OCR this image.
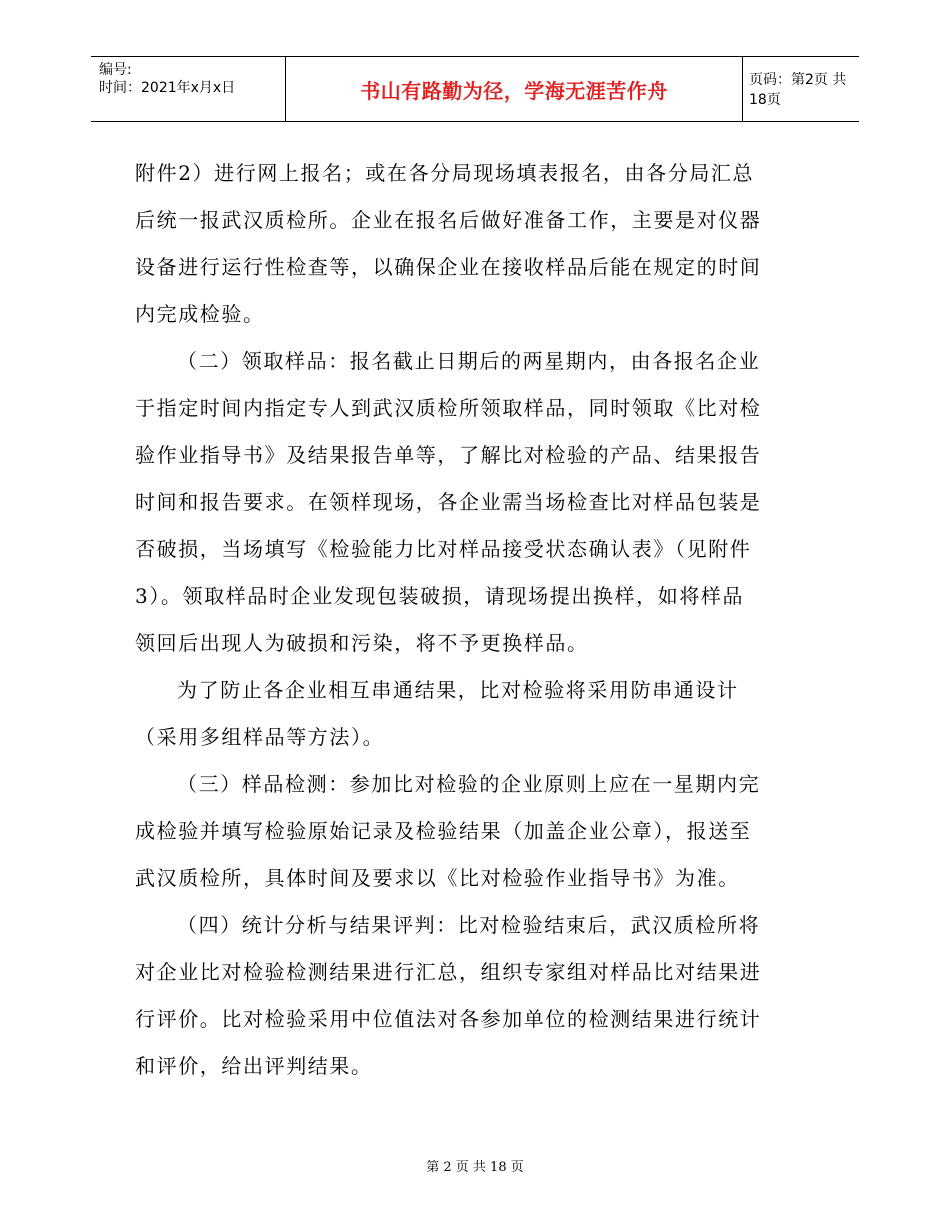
编号:
时间：2021年x月x日	书山有路勤为径，学海无涯苦作舟	页码：第2页 共18页
附件2）进行网上报名；或在各分局现场填表报名，由各分局汇总
后统一报武汉质检所。企业在报名后做好准备工作，主要是对仪器
设备进行运行性检查等，以确保企业在接收样品后能在规定的时间
内完成检验。
（二）领取样品：报名截止日期后的两星期内，由各报名企业
于指定时间内指定专人到武汉质检所领取样品，同时领取《比对检
验作业指导书》及结果报告单等，了解比对检验的产品、结果报告
时间和报告要求。在领样现场，各企业需当场检查比对样品包装是
否破损，当场填写《检验能力比对样品接受状态确认表》（见附件
3）。领取样品时企业发现包装破损，请现场提出换样，如将样品
领回后出现人为破损和污染，将不予更换样品。
为了防止各企业相互串通结果，比对检验将采用防串通设计
（采用多组样品等方法）。
（三）样品检测：参加比对检验的企业原则上应在一星期内完
成检验并填写检验原始记录及检验结果（加盖企业公章），报送至
武汉质检所，具体时间及要求以《比对检验作业指导书》为准。
（四）统计分析与结果评判：比对检验结束后，武汉质检所将
对企业比对检验检测结果进行汇总，组织专家组对样品比对结果进
行评价。比对检验采用中位值法对各参加单位的检测结果进行统计
和评价，给出评判结果。
第 2 页 共 18 页
